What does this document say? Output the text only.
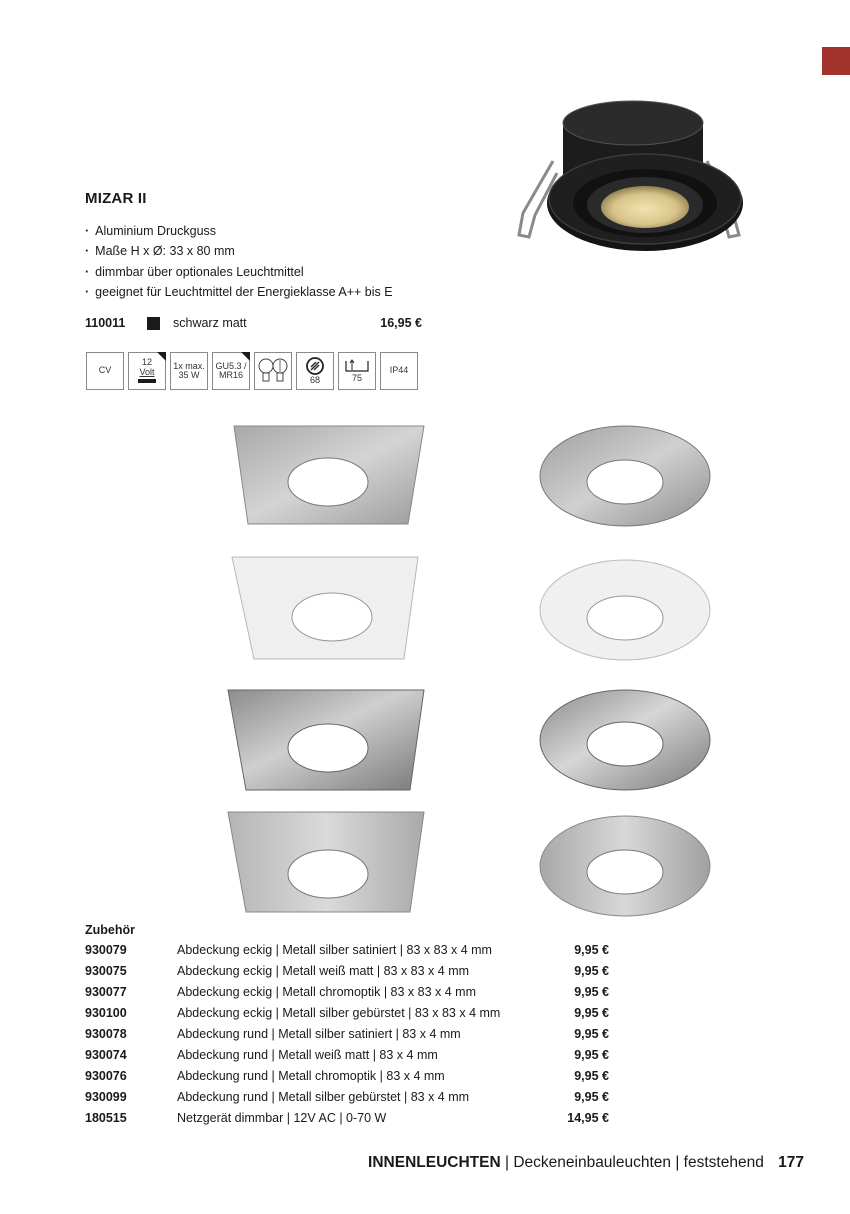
MIZAR II
· Aluminium Druckguss
· Maße H x Ø: 33 x 80 mm
· dimmbar über optionales Leuchtmittel
· geeignet für Leuchtmittel der Energieklasse A++ bis E
110011	schwarz matt	16,95 €
CV
12
Volt
1x max.
35 W
GU5.3 /
MR16
68	75
IP44
Zubehör
930079	Abdeckung eckig | Metall silber satiniert | 83 x 83 x 4 mm	9,95 €
930075	Abdeckung eckig | Metall weiß matt | 83 x 83 x 4 mm	9,95 €
930077	Abdeckung eckig | Metall chromoptik | 83 x 83 x 4 mm	9,95 €
930100	Abdeckung eckig | Metall silber gebürstet | 83 x 83 x 4 mm	9,95 €
930078	Abdeckung rund | Metall silber satiniert | 83 x 4 mm	9,95 €
930074	Abdeckung rund | Metall weiß matt | 83 x 4 mm	9,95 €
930076	Abdeckung rund | Metall chromoptik | 83 x 4 mm	9,95 €
930099	Abdeckung rund | Metall silber gebürstet | 83 x 4 mm	9,95 €
180515	Netzgerät dimmbar | 12V AC | 0-70 W	14,95 €
INNENLEUCHTEN | Deckeneinbauleuchten | feststehend 177
